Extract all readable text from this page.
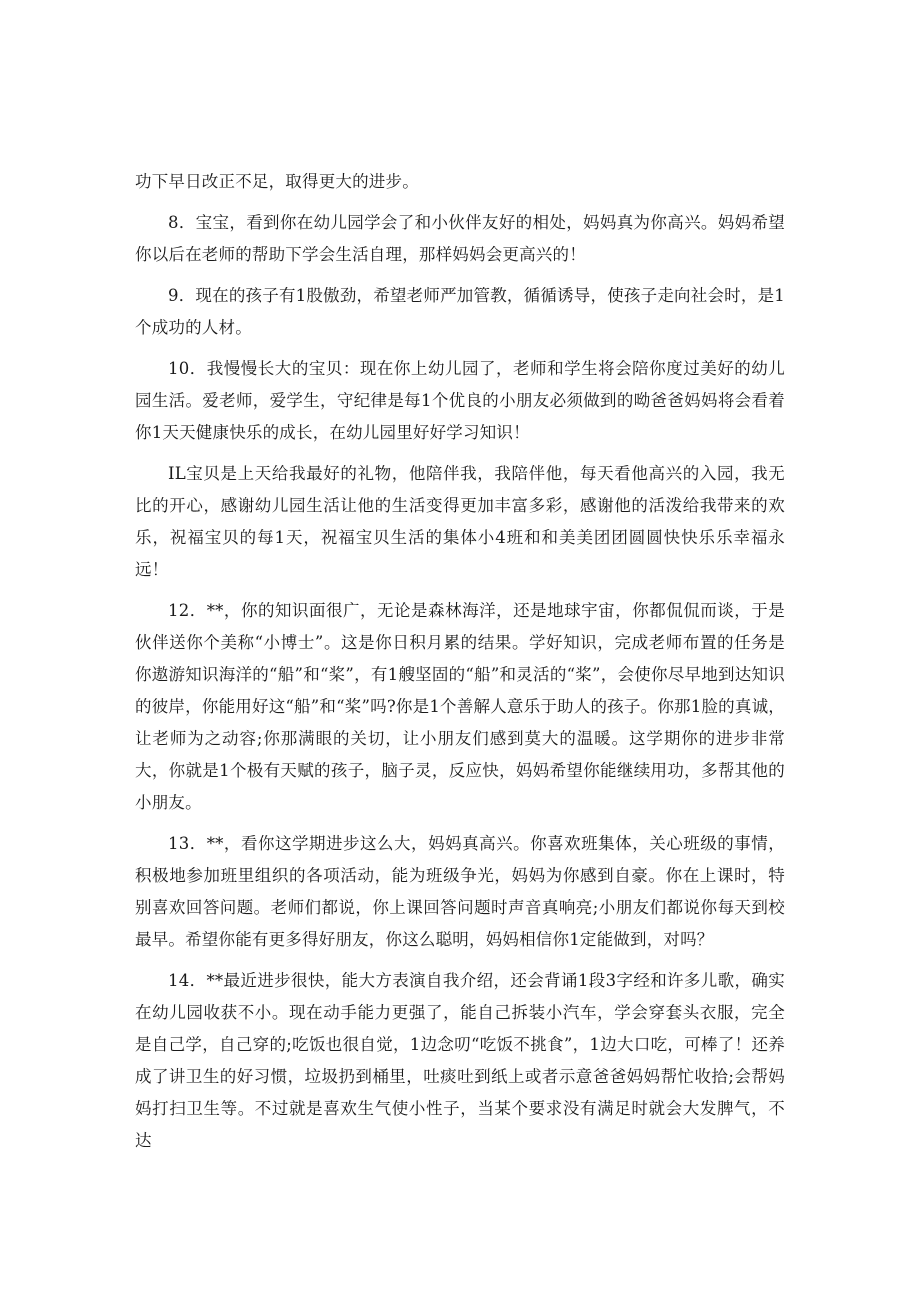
功下早日改正不足，取得更大的进步。

8．宝宝，看到你在幼儿园学会了和小伙伴友好的相处，妈妈真为你高兴。妈妈希望你以后在老师的帮助下学会生活自理，那样妈妈会更高兴的！

9．现在的孩子有1股傲劲，希望老师严加管教，循循诱导，使孩子走向社会时，是1个成功的人材。

10．我慢慢长大的宝贝：现在你上幼儿园了，老师和学生将会陪你度过美好的幼儿园生活。爱老师，爱学生，守纪律是每1个优良的小朋友必须做到的呦爸爸妈妈将会看着你1天天健康快乐的成长，在幼儿园里好好学习知识！

IL宝贝是上天给我最好的礼物，他陪伴我，我陪伴他，每天看他高兴的入园，我无比的开心，感谢幼儿园生活让他的生活变得更加丰富多彩，感谢他的活泼给我带来的欢乐，祝福宝贝的每1天，祝福宝贝生活的集体小4班和和美美团团圆圆快快乐乐幸福永远！

12．**，你的知识面很广，无论是森林海洋，还是地球宇宙，你都侃侃而谈，于是伙伴送你个美称“小博士”。这是你日积月累的结果。学好知识，完成老师布置的任务是你遨游知识海洋的“船”和“桨”，有1艘坚固的“船”和灵活的“桨”，会使你尽早地到达知识的彼岸，你能用好这“船”和“桨”吗?你是1个善解人意乐于助人的孩子。你那1脸的真诚，让老师为之动容;你那满眼的关切，让小朋友们感到莫大的温暖。这学期你的进步非常大，你就是1个极有天赋的孩子，脑子灵，反应快，妈妈希望你能继续用功，多帮其他的小朋友。

13．**，看你这学期进步这么大，妈妈真高兴。你喜欢班集体，关心班级的事情，积极地参加班里组织的各项活动，能为班级争光，妈妈为你感到自豪。你在上课时，特别喜欢回答问题。老师们都说，你上课回答问题时声音真响亮;小朋友们都说你每天到校最早。希望你能有更多得好朋友，你这么聪明，妈妈相信你1定能做到，对吗？

14．**最近进步很快，能大方表演自我介绍，还会背诵1段3字经和许多儿歌，确实在幼儿园收获不小。现在动手能力更强了，能自己拆装小汽车，学会穿套头衣服，完全是自己学，自己穿的;吃饭也很自觉，1边念叨“吃饭不挑食”，1边大口吃，可棒了！还养成了讲卫生的好习惯，垃圾扔到桶里，吐痰吐到纸上或者示意爸爸妈妈帮忙收拾;会帮妈妈打扫卫生等。不过就是喜欢生气使小性子，当某个要求没有满足时就会大发脾气，不达
